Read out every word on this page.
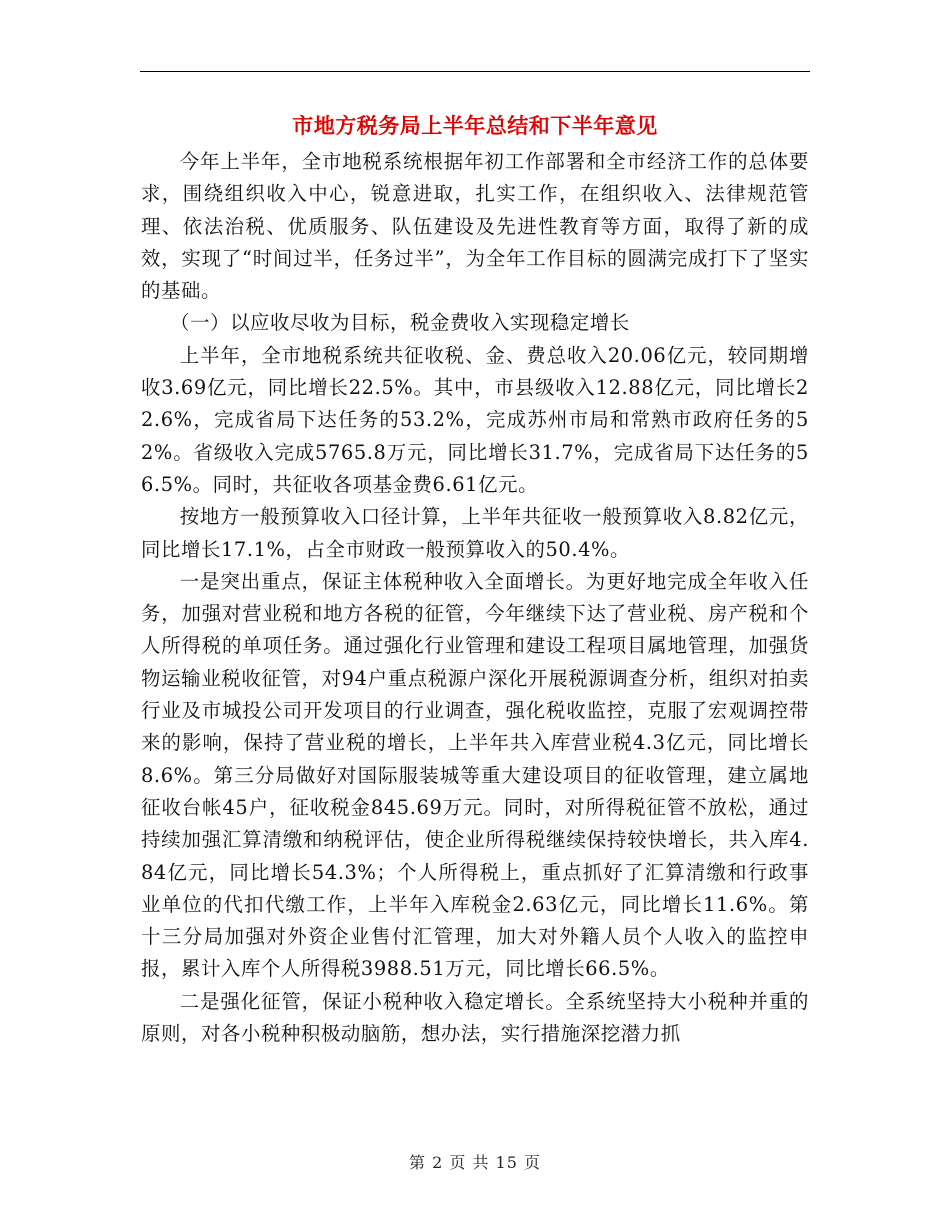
市地方税务局上半年总结和下半年意见

今年上半年，全市地税系统根据年初工作部署和全市经济工作的总体要求，围绕组织收入中心，锐意进取，扎实工作，在组织收入、法律规范管理、依法治税、优质服务、队伍建设及先进性教育等方面，取得了新的成效，实现了“时间过半，任务过半”，为全年工作目标的圆满完成打下了坚实的基础。

（一）以应收尽收为目标，税金费收入实现稳定增长

上半年，全市地税系统共征收税、金、费总收入20.06亿元，较同期增收3.69亿元，同比增长22.5%。其中，市县级收入12.88亿元，同比增长22.6%，完成省局下达任务的53.2%，完成苏州市局和常熟市政府任务的52%。省级收入完成5765.8万元，同比增长31.7%，完成省局下达任务的56.5%。同时，共征收各项基金费6.61亿元。

按地方一般预算收入口径计算，上半年共征收一般预算收入8.82亿元，同比增长17.1%，占全市财政一般预算收入的50.4%。

一是突出重点，保证主体税种收入全面增长。为更好地完成全年收入任务，加强对营业税和地方各税的征管，今年继续下达了营业税、房产税和个人所得税的单项任务。通过强化行业管理和建设工程项目属地管理，加强货物运输业税收征管，对94户重点税源户深化开展税源调查分析，组织对拍卖行业及市城投公司开发项目的行业调查，强化税收监控，克服了宏观调控带来的影响，保持了营业税的增长，上半年共入库营业税4.3亿元，同比增长8.6%。第三分局做好对国际服装城等重大建设项目的征收管理，建立属地征收台帐45户，征收税金845.69万元。同时，对所得税征管不放松，通过持续加强汇算清缴和纳税评估，使企业所得税继续保持较快增长，共入库4.84亿元，同比增长54.3%；个人所得税上，重点抓好了汇算清缴和行政事业单位的代扣代缴工作，上半年入库税金2.63亿元，同比增长11.6%。第十三分局加强对外资企业售付汇管理，加大对外籍人员个人收入的监控申报，累计入库个人所得税3988.51万元，同比增长66.5%。

二是强化征管，保证小税种收入稳定增长。全系统坚持大小税种并重的原则，对各小税种积极动脑筋，想办法，实行措施深挖潜力抓

第 2 页 共 15 页
